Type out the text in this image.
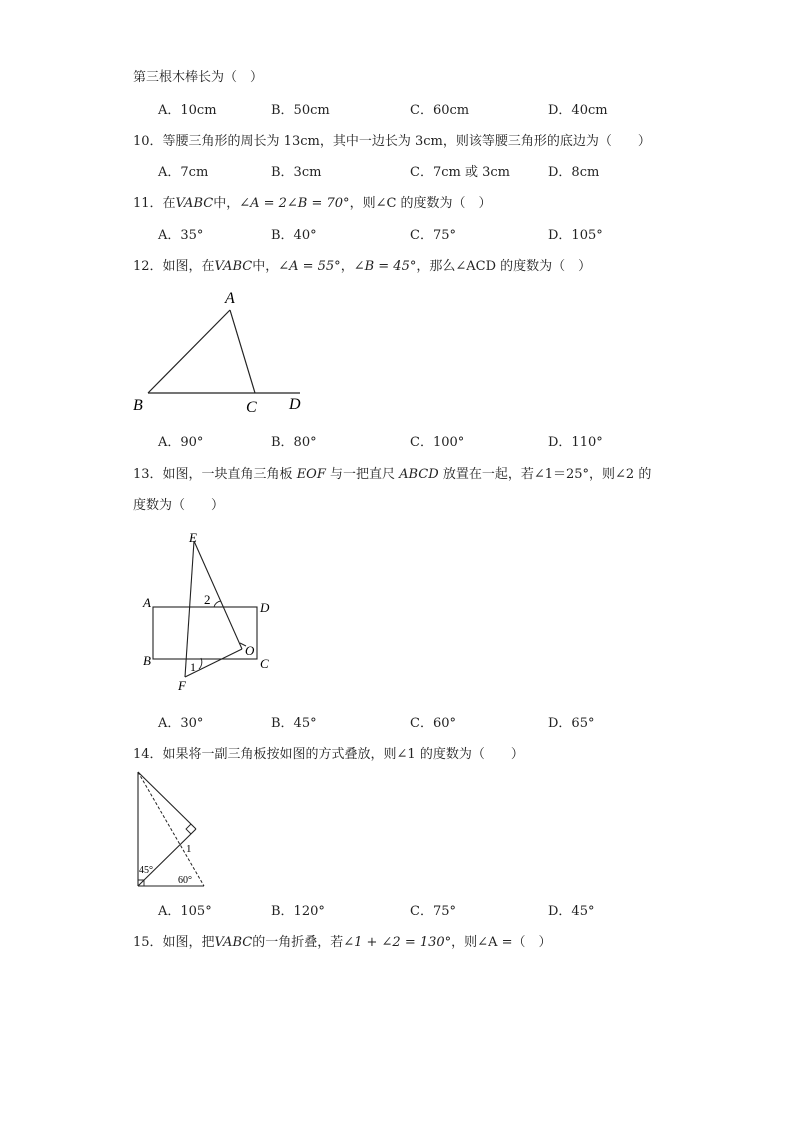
第三根木棒长为（　）
A．10cm	B．50cm	C．60cm	D．40cm
10．等腰三角形的周长为 13cm，其中一边长为 3cm，则该等腰三角形的底边为（　　）
A．7cm	B．3cm	C．7cm 或 3cm	D．8cm
11．在VABC中，∠A = 2∠B = 70°，则∠C 的度数为（　）
A．35°	B．40°	C．75°	D．105°
12．如图，在VABC中，∠A = 55°，∠B = 45°，那么∠ACD 的度数为（　）
A
B	C D
A．90°	B．80°	C．100°	D．110°
13．如图，一块直角三角板 EOF 与一把直尺 ABCD 放置在一起，若∠1＝25°，则∠2 的
度数为（　　）
E
A	D
2
B	1
O
C
F
A．30°	B．45°	C．60°	D．65°
14．如果将一副三角板按如图的方式叠放，则∠1 的度数为（　　）
1
45°
60°
A．105°	B．120°	C．75°	D．45°
15．如图，把VABC的一角折叠，若∠1 + ∠2 = 130°，则∠A =（　）
